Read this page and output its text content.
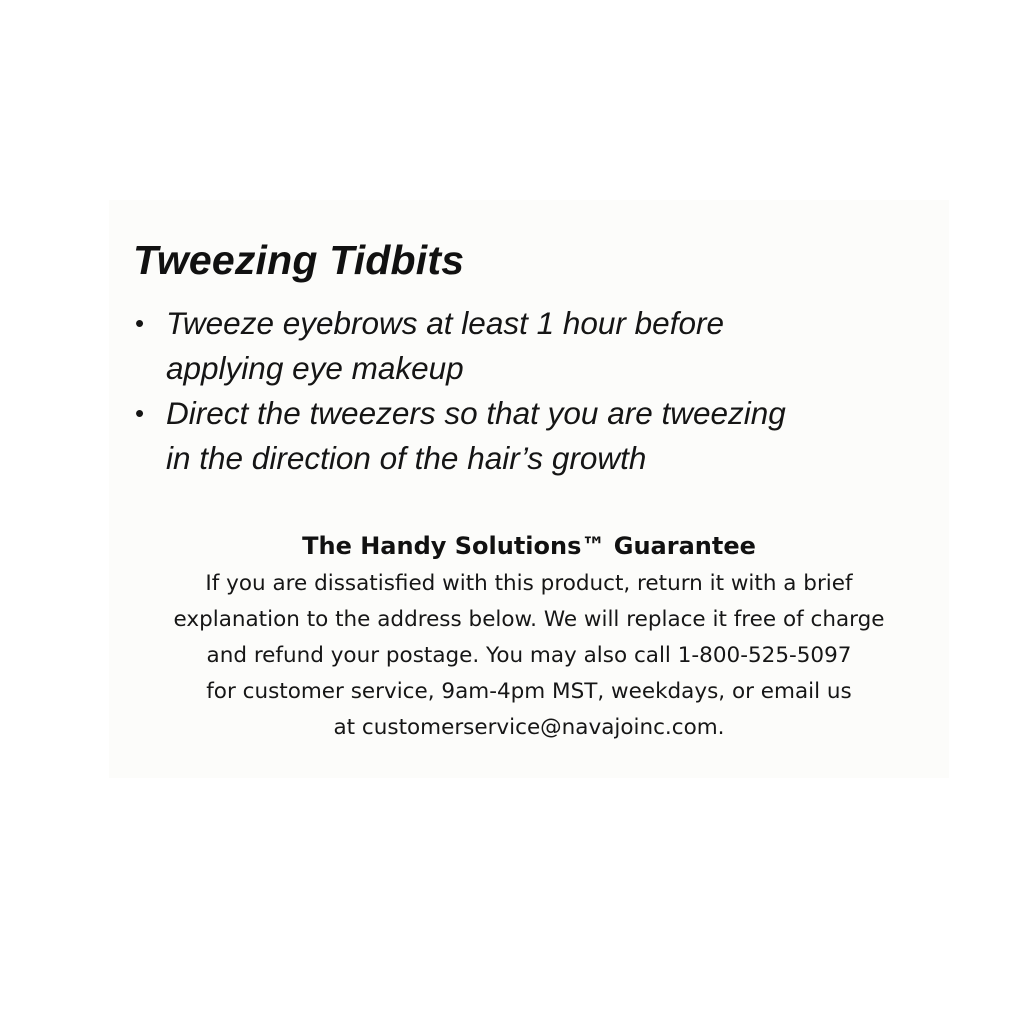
Tweezing Tidbits
• Tweeze eyebrows at least 1 hour before
applying eye makeup
• Direct the tweezers so that you are tweezing
in the direction of the hair’s growth
The Handy Solutions™ Guarantee

If you are dissatisfied with this product, return it with a brief
explanation to the address below. We will replace it free of charge
and refund your postage. You may also call 1-800-525-5097
for customer service, 9am-4pm MST, weekdays, or email us
at customerservice@navajoinc.com.
